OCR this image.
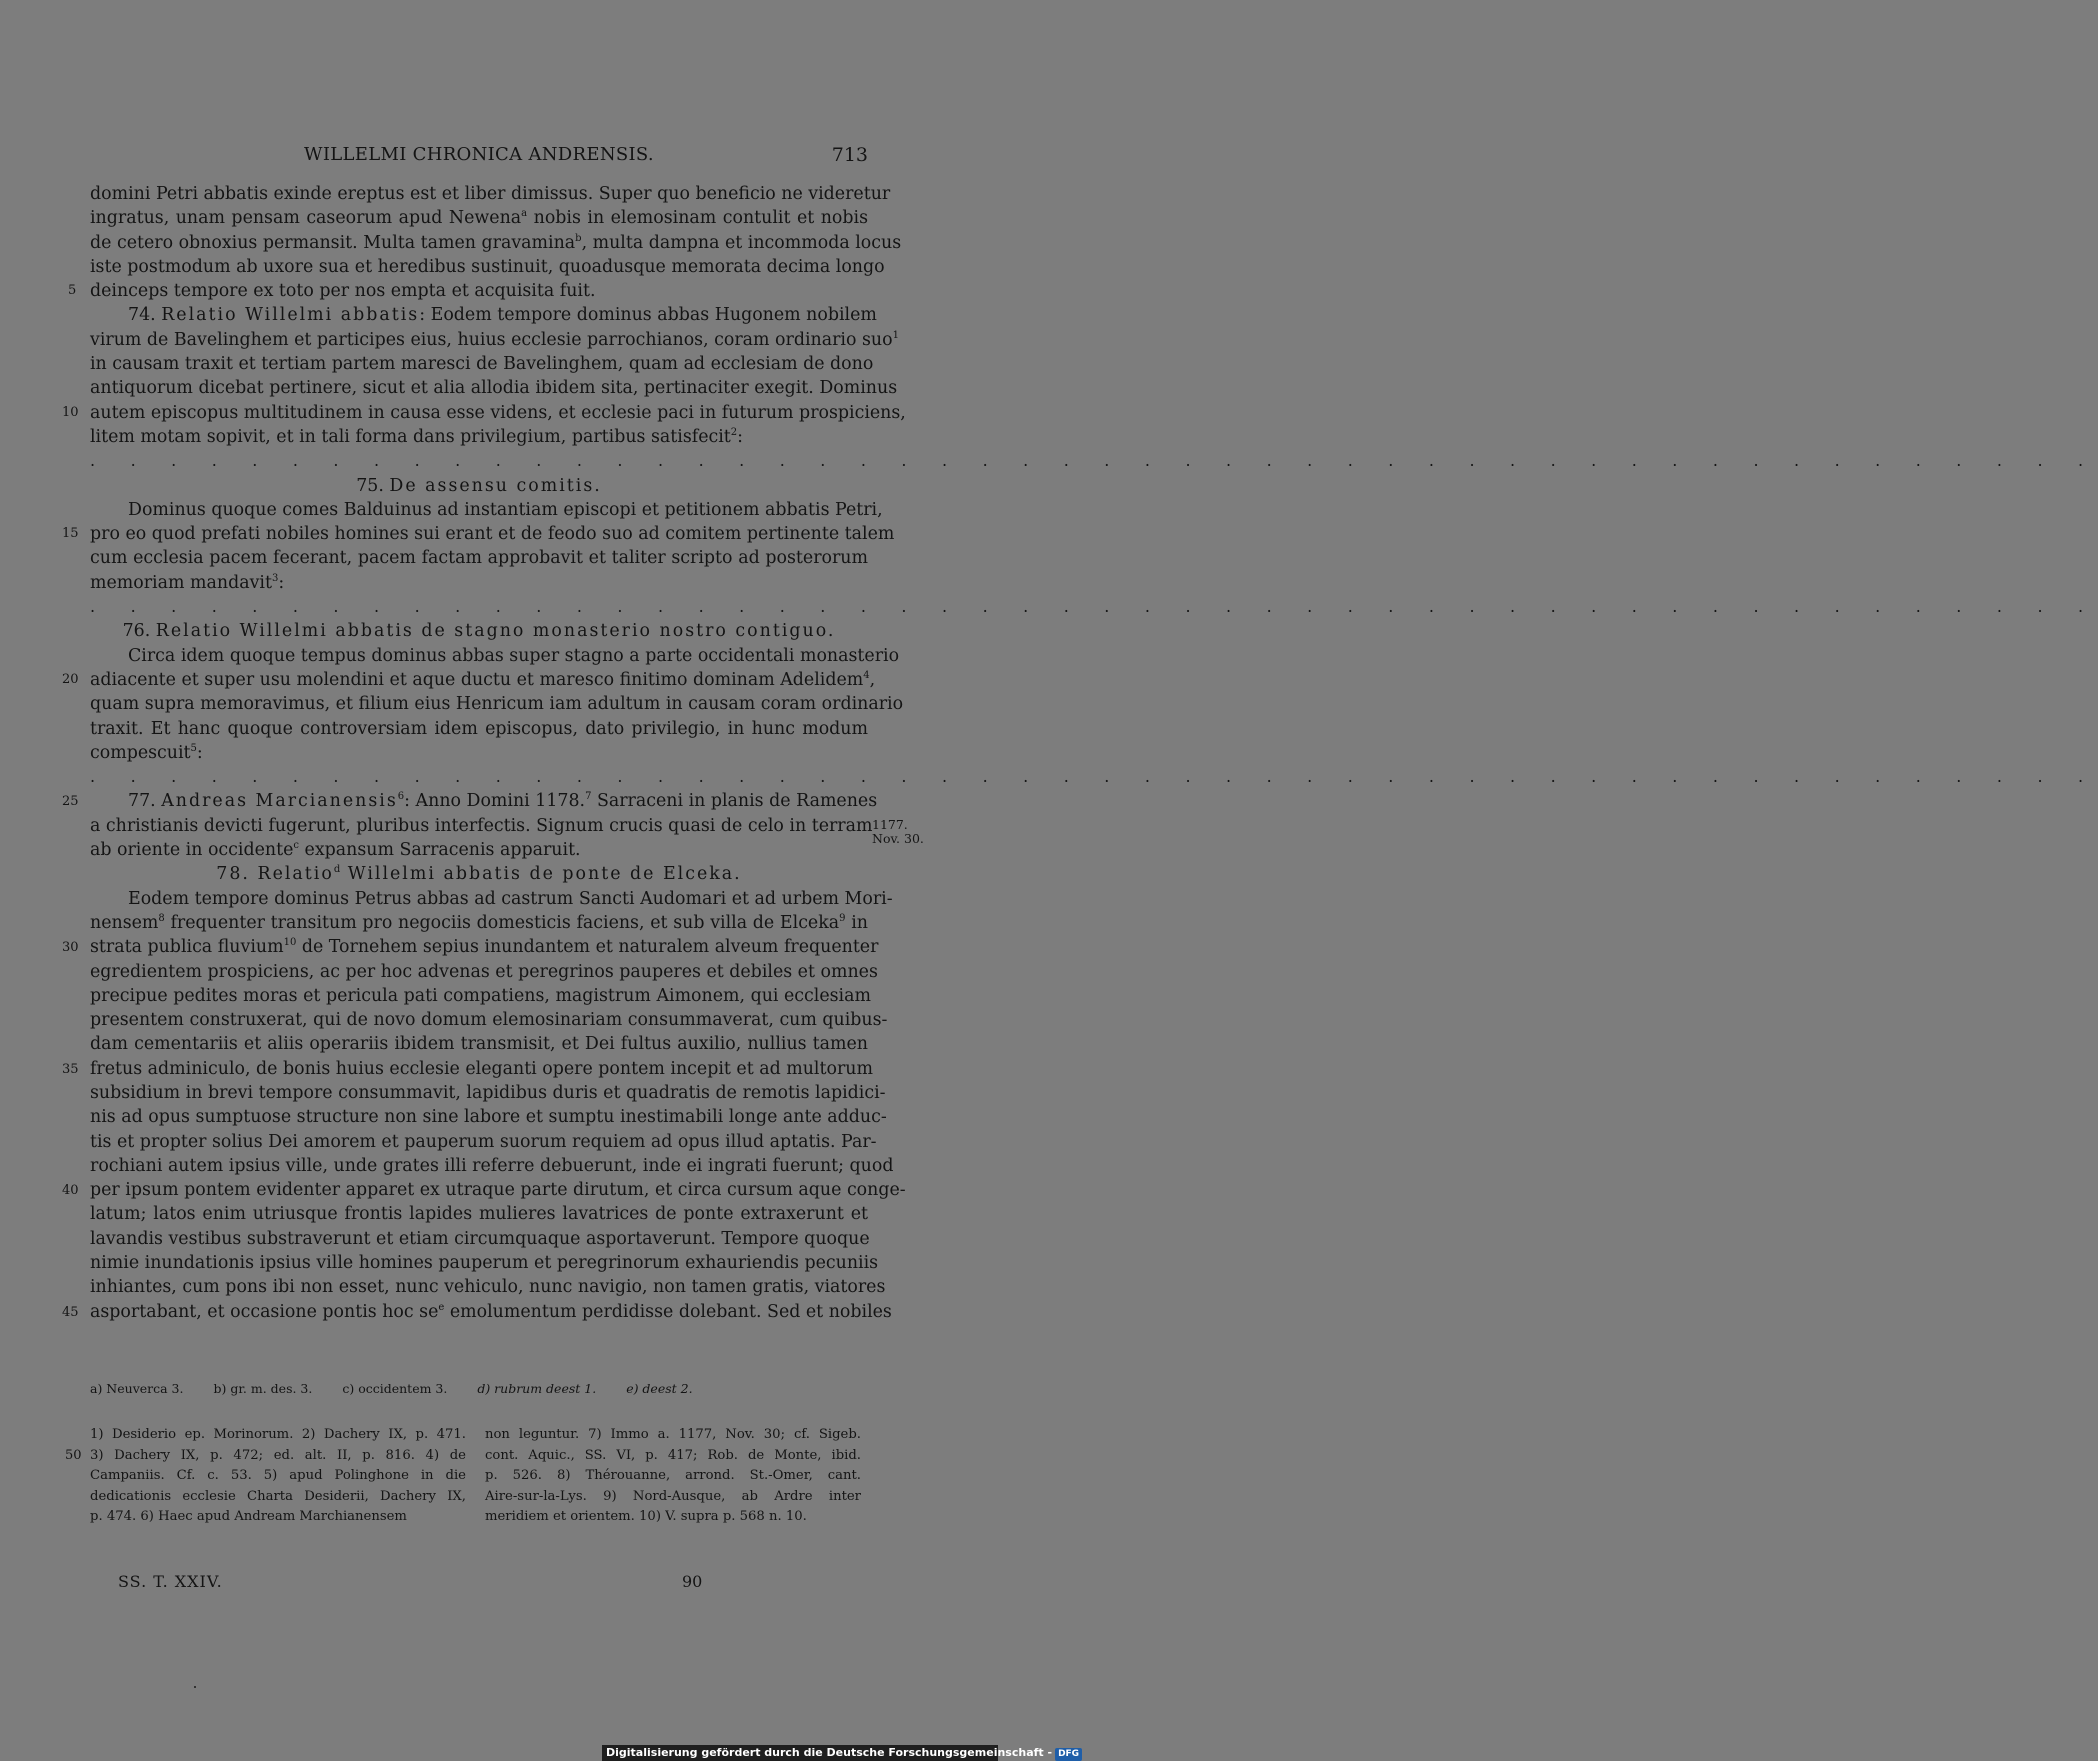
WILLELMI CHRONICA ANDRENSIS.	713
5
10
15
20
25
30
35
40
45
domini Petri abbatis exinde ereptus est et liber dimissus. Super quo beneficio ne videretur
ingratus, unam pensam caseorum apud Newena$^a$ nobis in elemosinam contulit et nobis
de cetero obnoxius permansit. Multa tamen gravamina$^b$, multa dampna et incommoda locus
iste postmodum ab uxore sua et heredibus sustinuit, quoadusque memorata decima longo
deinceps tempore ex toto per nos empta et acquisita fuit.
74. Relatio Willelmi abbatis: Eodem tempore dominus abbas Hugonem nobilem
virum de Bavelinghem et participes eius, huius ecclesie parrochianos, coram ordinario suo$^1$
in causam traxit et tertiam partem maresci de Bavelinghem, quam ad ecclesiam de dono
antiquorum dicebat pertinere, sicut et alia allodia ibidem sita, pertinaciter exegit. Dominus
autem episcopus multitudinem in causa esse videns, et ecclesie paci in futurum prospiciens,
litem motam sopivit, et in tali forma dans privilegium, partibus satisfecit$^2$:
. . . . . . . . . . . . . . . . . . . . . . . . . . . . . . . . . . . . . . . . . . . . . . . . . .
75. De assensu comitis.
Dominus quoque comes Balduinus ad instantiam episcopi et petitionem abbatis Petri,
pro eo quod prefati nobiles homines sui erant et de feodo suo ad comitem pertinente talem
cum ecclesia pacem fecerant, pacem factam approbavit et taliter scripto ad posterorum
memoriam mandavit$^3$:
. . . . . . . . . . . . . . . . . . . . . . . . . . . . . . . . . . . . . . . . . . . . . . . . . .
76. Relatio Willelmi abbatis de stagno monasterio nostro contiguo.
Circa idem quoque tempus dominus abbas super stagno a parte occidentali monasterio
adiacente et super usu molendini et aque ductu et maresco finitimo dominam Adelidem$^4$,
quam supra memoravimus, et filium eius Henricum iam adultum in causam coram ordinario
traxit. Et hanc quoque controversiam idem episcopus, dato privilegio, in hunc modum
compescuit$^5$:
. . . . . . . . . . . . . . . . . . . . . . . . . . . . . . . . . . . . . . . . . . . . . . . . . .
77. Andreas Marcianensis$^6$: Anno Domini 1178.$^7$ Sarraceni in planis de Ramenes
a christianis devicti fugerunt, pluribus interfectis. Signum crucis quasi de celo in terram
ab oriente in occidente$^c$ expansum Sarracenis apparuit.
78. Relatio$^d$ Willelmi abbatis de ponte de Elceka.
Eodem tempore dominus Petrus abbas ad castrum Sancti Audomari et ad urbem Mori-
nensem$^8$ frequenter transitum pro negociis domesticis faciens, et sub villa de Elceka$^9$ in
strata publica fluvium$^{10}$ de Tornehem sepius inundantem et naturalem alveum frequenter
egredientem prospiciens, ac per hoc advenas et peregrinos pauperes et debiles et omnes
precipue pedites moras et pericula pati compatiens, magistrum Aimonem, qui ecclesiam
presentem construxerat, qui de novo domum elemosinariam consummaverat, cum quibus-
dam cementariis et aliis operariis ibidem transmisit, et Dei fultus auxilio, nullius tamen
fretus adminiculo, de bonis huius ecclesie eleganti opere pontem incepit et ad multorum
subsidium in brevi tempore consummavit, lapidibus duris et quadratis de remotis lapidici-
nis ad opus sumptuose structure non sine labore et sumptu inestimabili longe ante adduc-
tis et propter solius Dei amorem et pauperum suorum requiem ad opus illud aptatis. Par-
rochiani autem ipsius ville, unde grates illi referre debuerunt, inde ei ingrati fuerunt; quod
per ipsum pontem evidenter apparet ex utraque parte dirutum, et circa cursum aque conge-
latum; latos enim utriusque frontis lapides mulieres lavatrices de ponte extraxerunt et
lavandis vestibus substraverunt et etiam circumquaque asportaverunt. Tempore quoque
nimie inundationis ipsius ville homines pauperum et peregrinorum exhauriendis pecuniis
inhiantes, cum pons ibi non esset, nunc vehiculo, nunc navigio, non tamen gratis, viatores
asportabant, et occasione pontis hoc $se^e$ emolumentum perdidisse dolebant. Sed et nobiles
1177.
Nov. 30.
a) Neuverca 3. b) gr. m. des. 3. c) occidentem 3. d) rubrum deest 1. e) deest 2.
50
1) Desiderio ep. Morinorum. 2) Dachery IX, p. 471.
3) Dachery IX, p. 472; ed. alt. II, p. 816. 4) de
Campaniis. Cf. c. 53. 5) apud Polinghone in die
dedicationis ecclesie Charta Desiderii, Dachery IX,
p. 474. 6) Haec apud Andream Marchianensem
non leguntur. 7) Immo a. 1177, Nov. 30; cf. Sigeb.
cont. Aquic., SS. VI, p. 417; Rob. de Monte, ibid.
p. 526. 8) Thérouanne, arrond. St.-Omer, cant.
Aire-sur-la-Lys. 9) Nord-Ausque, ab Ardre inter
meridiem et orientem. 10) V. supra p. 568 n. 10.
SS. T. XXIV.	90
Digitalisierung gefördert durch die Deutsche Forschungsgemeinschaft - DFG
